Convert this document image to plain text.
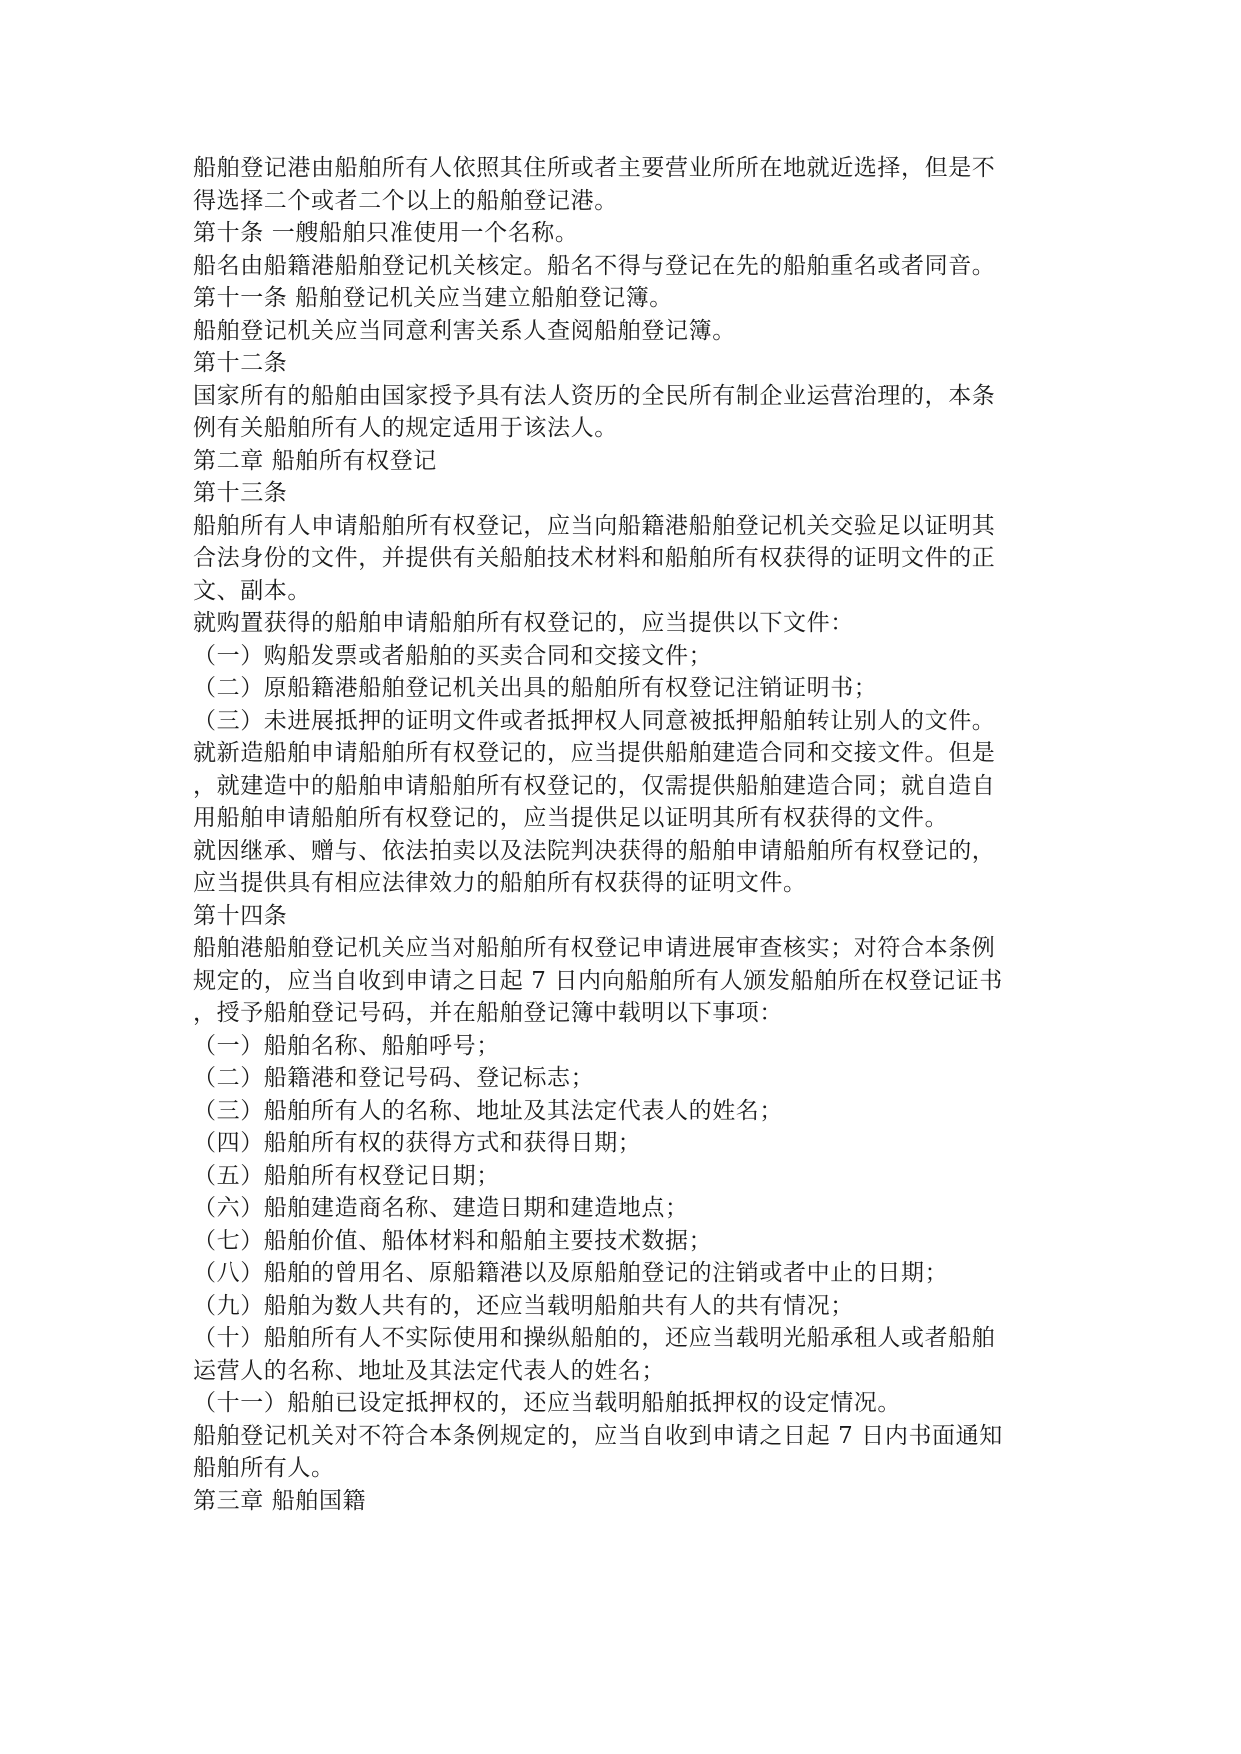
船舶登记港由船舶所有人依照其住所或者主要营业所所在地就近选择，但是不
得选择二个或者二个以上的船舶登记港。
第十条 一艘船舶只准使用一个名称。
船名由船籍港船舶登记机关核定。船名不得与登记在先的船舶重名或者同音。
第十一条 船舶登记机关应当建立船舶登记簿。
船舶登记机关应当同意利害关系人查阅船舶登记簿。
第十二条
国家所有的船舶由国家授予具有法人资历的全民所有制企业运营治理的，本条
例有关船舶所有人的规定适用于该法人。
第二章 船舶所有权登记
第十三条
船舶所有人申请船舶所有权登记，应当向船籍港船舶登记机关交验足以证明其
合法身份的文件，并提供有关船舶技术材料和船舶所有权获得的证明文件的正
文、副本。
就购置获得的船舶申请船舶所有权登记的，应当提供以下文件：
（一）购船发票或者船舶的买卖合同和交接文件；
（二）原船籍港船舶登记机关出具的船舶所有权登记注销证明书；
（三）未进展抵押的证明文件或者抵押权人同意被抵押船舶转让别人的文件。
就新造船舶申请船舶所有权登记的，应当提供船舶建造合同和交接文件。但是
，就建造中的船舶申请船舶所有权登记的，仅需提供船舶建造合同；就自造自
用船舶申请船舶所有权登记的，应当提供足以证明其所有权获得的文件。
就因继承、赠与、依法拍卖以及法院判决获得的船舶申请船舶所有权登记的，
应当提供具有相应法律效力的船舶所有权获得的证明文件。
第十四条
船舶港船舶登记机关应当对船舶所有权登记申请进展审查核实；对符合本条例
规定的，应当自收到申请之日起 7 日内向船舶所有人颁发船舶所在权登记证书
，授予船舶登记号码，并在船舶登记簿中载明以下事项：
（一）船舶名称、船舶呼号；
（二）船籍港和登记号码、登记标志；
（三）船舶所有人的名称、地址及其法定代表人的姓名；
（四）船舶所有权的获得方式和获得日期；
（五）船舶所有权登记日期；
（六）船舶建造商名称、建造日期和建造地点；
（七）船舶价值、船体材料和船舶主要技术数据；
（八）船舶的曾用名、原船籍港以及原船舶登记的注销或者中止的日期；
（九）船舶为数人共有的，还应当载明船舶共有人的共有情况；
（十）船舶所有人不实际使用和操纵船舶的，还应当载明光船承租人或者船舶
运营人的名称、地址及其法定代表人的姓名；
（十一）船舶已设定抵押权的，还应当载明船舶抵押权的设定情况。
船舶登记机关对不符合本条例规定的，应当自收到申请之日起 7 日内书面通知
船舶所有人。
第三章 船舶国籍
